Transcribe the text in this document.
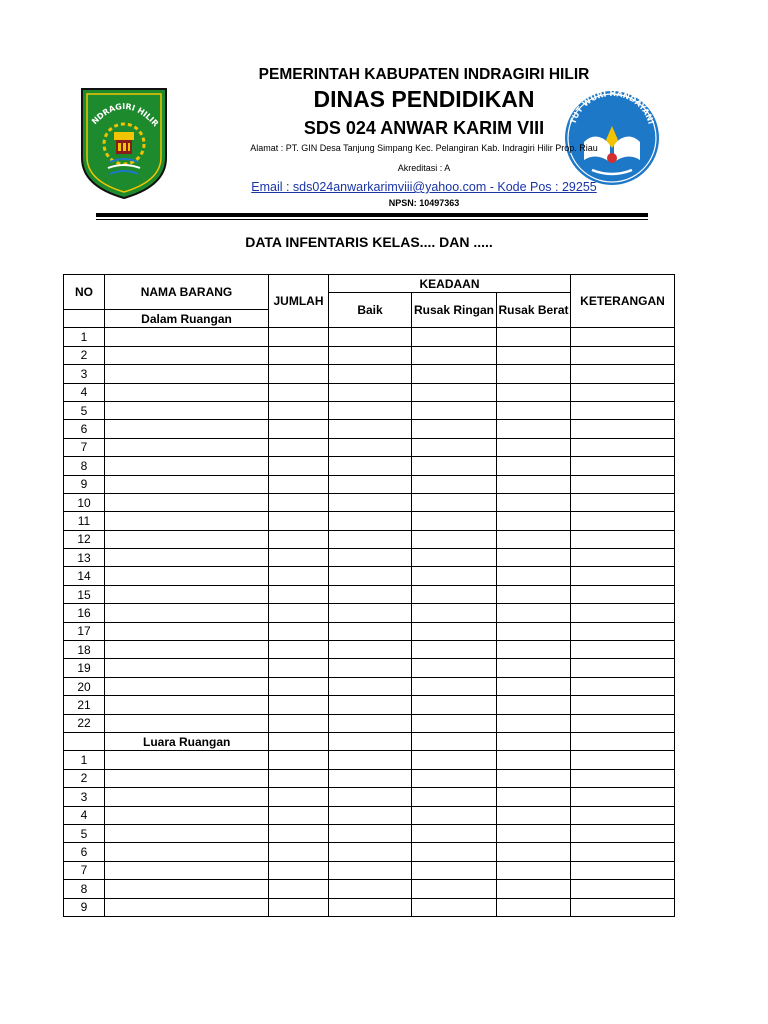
NDRAGIRI HILIR	TUT WURI HANDAYANI
PEMERINTAH KABUPATEN INDRAGIRI HILIR
DINAS PENDIDIKAN
SDS 024 ANWAR KARIM VIII
Alamat : PT. GIN Desa Tanjung Simpang Kec. Pelangiran Kab. Indragiri Hilir Prop. Riau
Akreditasi : A
Email : sds024anwarkarimviii@yahoo.com - Kode Pos : 29255
NPSN: 10497363
DATA INFENTARIS KELAS.... DAN .....
NO	NAMA BARANG	JUMLAH	KEADAAN			KETERANGAN
			Baik	Rusak Ringan	Rusak Berat	
	Dalam Ruangan					
1						
2						
3						
4						
5						
6						
7						
8						
9						
10						
11						
12						
13						
14						
15						
16						
17						
18						
19						
20						
21						
22						
	Luara Ruangan					
1						
2						
3						
4						
5						
6						
7						
8						
9						
